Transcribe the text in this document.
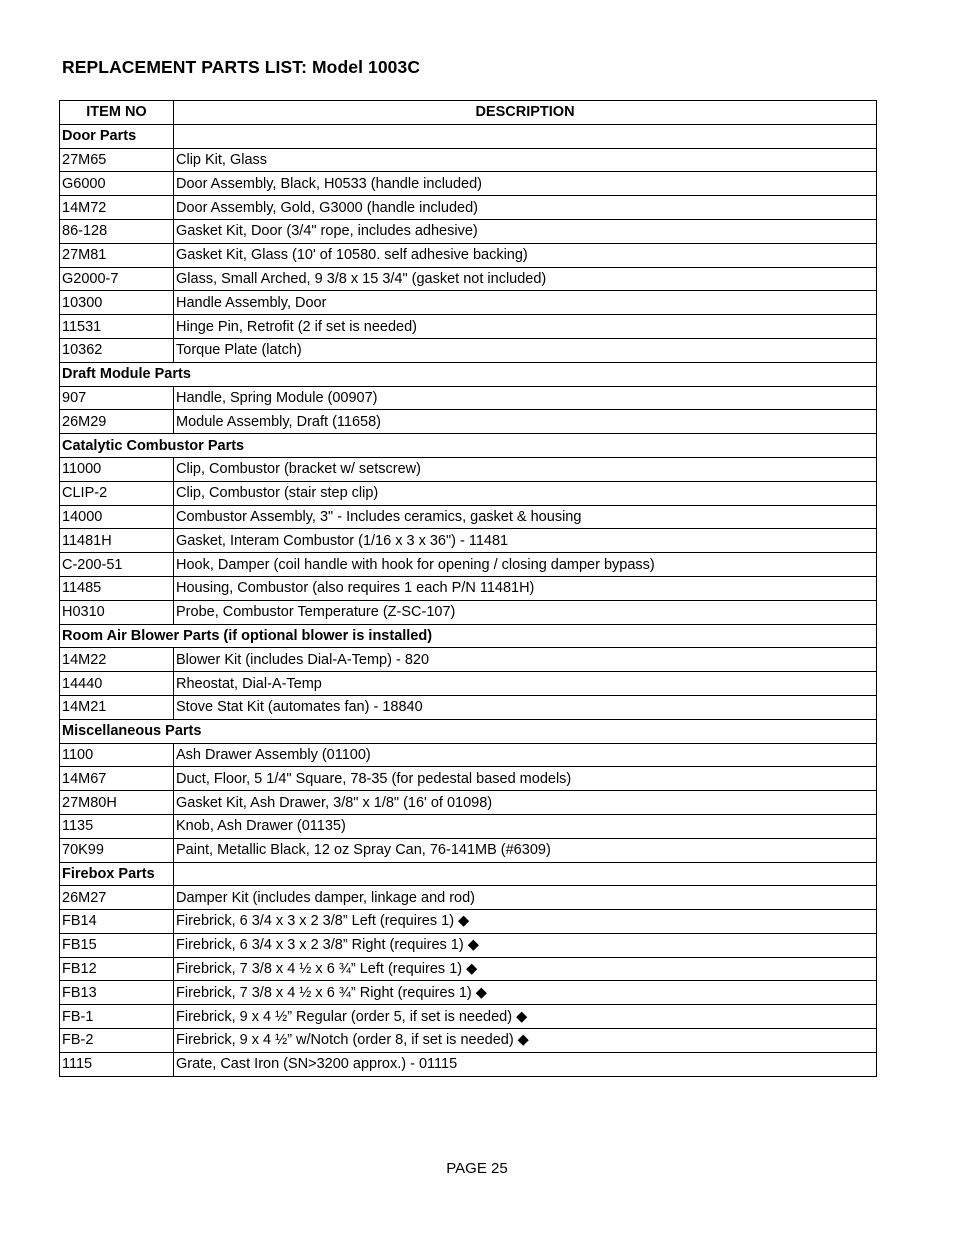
REPLACEMENT PARTS LIST: Model 1003C
ITEM NO	DESCRIPTION
Door Parts	
27M65	Clip Kit, Glass
G6000	Door Assembly, Black, H0533 (handle included)
14M72	Door Assembly, Gold, G3000 (handle included)
86-128	Gasket Kit, Door (3/4" rope, includes adhesive)
27M81	Gasket Kit, Glass (10' of 10580. self adhesive backing)
G2000-7	Glass, Small Arched, 9 3/8 x 15 3/4" (gasket not included)
10300	Handle Assembly, Door
11531	Hinge Pin, Retrofit (2 if set is needed)
10362	Torque Plate (latch)
Draft Module Parts	
907	Handle, Spring Module (00907)
26M29	Module Assembly, Draft (11658)
Catalytic Combustor Parts	
11000	Clip, Combustor (bracket w/ setscrew)
CLIP-2	Clip, Combustor (stair step clip)
14000	Combustor Assembly, 3" - Includes ceramics, gasket & housing
11481H	Gasket, Interam Combustor (1/16 x 3 x 36") - 11481
C-200-51	Hook, Damper (coil handle with hook for opening / closing damper bypass)
11485	Housing, Combustor (also requires 1 each P/N 11481H)
H0310	Probe, Combustor Temperature (Z-SC-107)
Room Air Blower Parts (if optional blower is installed)	
14M22	Blower Kit (includes Dial-A-Temp) - 820
14440	Rheostat, Dial-A-Temp
14M21	Stove Stat Kit (automates fan) - 18840
Miscellaneous Parts	
1100	Ash Drawer Assembly (01100)
14M67	Duct, Floor, 5 1/4" Square, 78-35 (for pedestal based models)
27M80H	Gasket Kit, Ash Drawer, 3/8" x 1/8" (16' of 01098)
1135	Knob, Ash Drawer (01135)
70K99	Paint, Metallic Black, 12 oz Spray Can, 76-141MB (#6309)
Firebox Parts	
26M27	Damper Kit (includes damper, linkage and rod)
FB14	Firebrick, 6 3/4 x 3 x 2 3/8” Left (requires 1) ◆
FB15	Firebrick, 6 3/4 x 3 x 2 3/8” Right (requires 1) ◆
FB12	Firebrick, 7 3/8 x 4 ½ x 6 ¾” Left (requires 1) ◆
FB13	Firebrick, 7 3/8 x 4 ½ x 6 ¾” Right (requires 1) ◆
FB-1	Firebrick, 9 x 4 ½” Regular (order 5, if set is needed) ◆
FB-2	Firebrick, 9 x 4 ½” w/Notch (order 8, if set is needed) ◆
1115	Grate, Cast Iron (SN>3200 approx.) - 01115
PAGE 25
